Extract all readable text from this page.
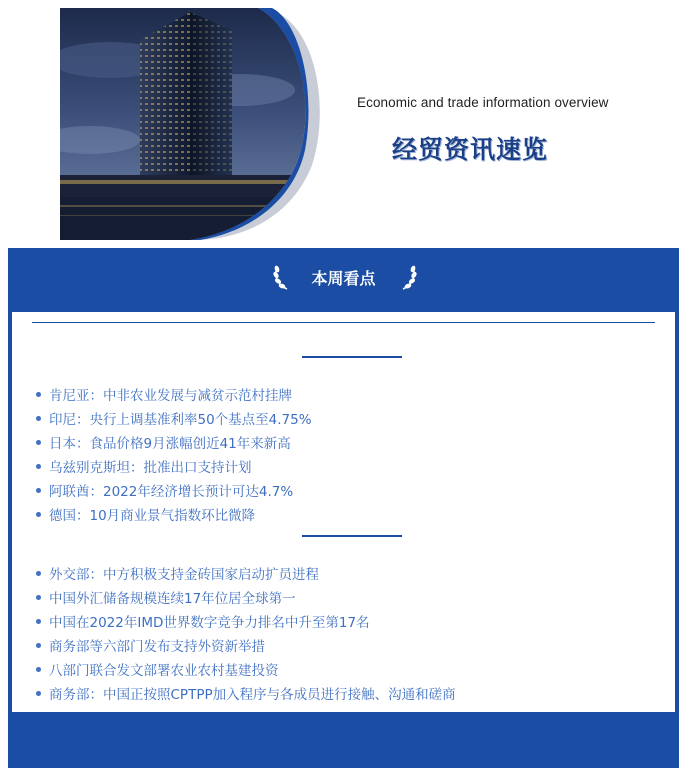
Economic and trade information overview
经贸资讯速览
本周看点
肯尼亚：中非农业发展与减贫示范村挂牌
印尼：央行上调基准利率50个基点至4.75%
日本：食品价格9月涨幅创近41年来新高
乌兹别克斯坦：批准出口支持计划
阿联酋：2022年经济增长预计可达4.7%
德国：10月商业景气指数环比微降
外交部：中方积极支持金砖国家启动扩员进程
中国外汇储备规模连续17年位居全球第一
中国在2022年IMD世界数字竞争力排名中升至第17名
商务部等六部门发布支持外资新举措
八部门联合发文部署农业农村基建投资
商务部：中国正按照CPTPP加入程序与各成员进行接触、沟通和磋商
